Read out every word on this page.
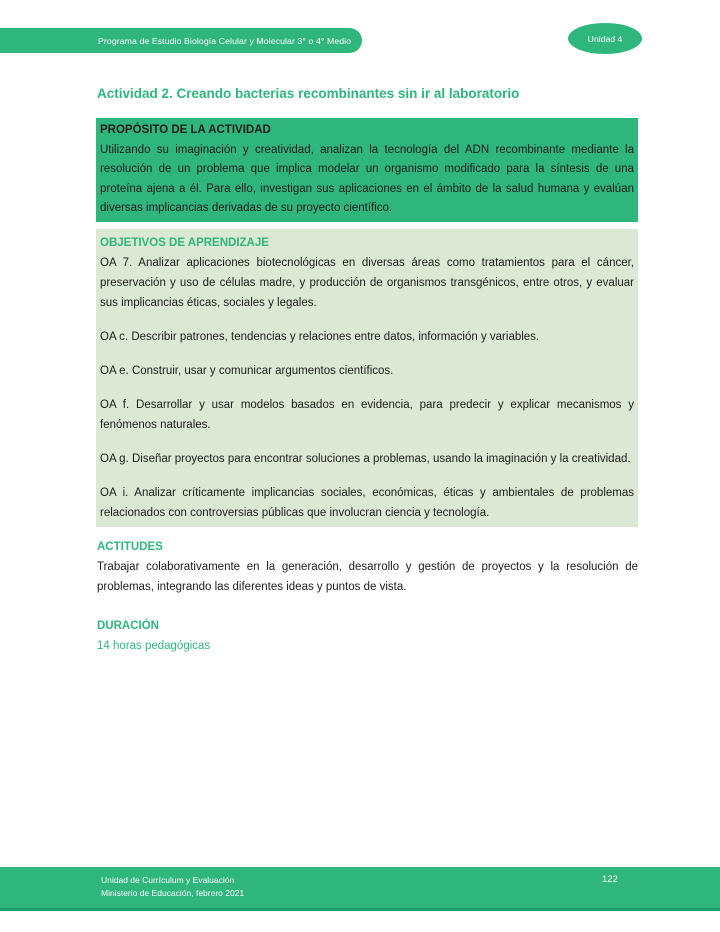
Programa de Estudio Biología Celular y Molecular 3° o 4° Medio	Unidad 4
Actividad 2. Creando bacterias recombinantes sin ir al laboratorio
PROPÓSITO DE LA ACTIVIDAD
Utilizando su imaginación y creatividad, analizan la tecnología del ADN recombinante mediante la resolución de un problema que implica modelar un organismo modificado para la síntesis de una proteína ajena a él. Para ello, investigan sus aplicaciones en el ámbito de la salud humana y evalúan diversas implicancias derivadas de su proyecto científico.
OBJETIVOS DE APRENDIZAJE

OA 7. Analizar aplicaciones biotecnológicas en diversas áreas como tratamientos para el cáncer, preservación y uso de células madre, y producción de organismos transgénicos, entre otros, y evaluar sus implicancias éticas, sociales y legales.

OA c. Describir patrones, tendencias y relaciones entre datos, información y variables.

OA e. Construir, usar y comunicar argumentos científicos.

OA f. Desarrollar y usar modelos basados en evidencia, para predecir y explicar mecanismos y fenómenos naturales.

OA g. Diseñar proyectos para encontrar soluciones a problemas, usando la imaginación y la creatividad.

OA i. Analizar críticamente implicancias sociales, económicas, éticas y ambientales de problemas relacionados con controversias públicas que involucran ciencia y tecnología.

ACTITUDES
Trabajar colaborativamente en la generación, desarrollo y gestión de proyectos y la resolución de problemas, integrando las diferentes ideas y puntos de vista.
DURACIÓN
14 horas pedagógicas
Unidad de Currículum y Evaluación
Ministerio de Educación, febrero 2021
122
